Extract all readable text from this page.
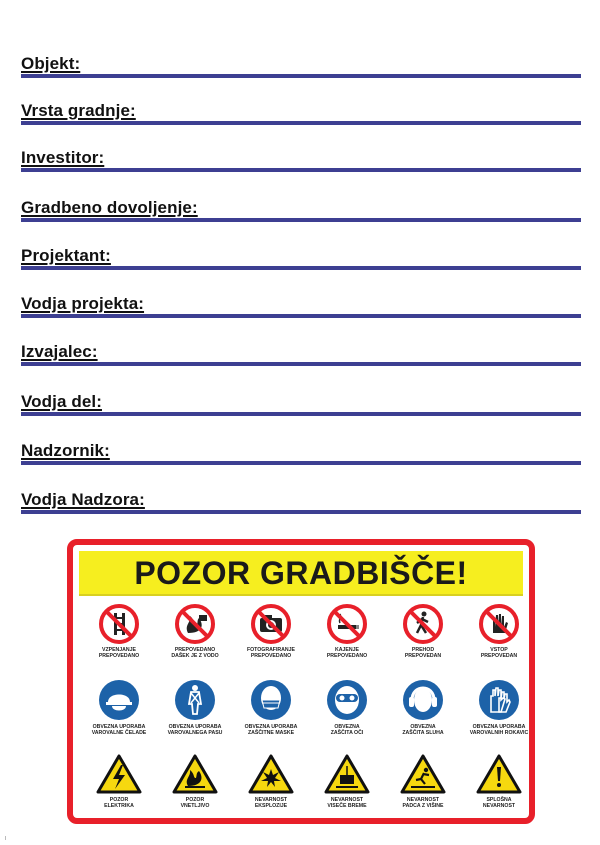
Objekt:
Vrsta gradnje:
Investitor:
Gradbeno dovoljenje:
Projektant:
Vodja projekta:
Izvajalec:
Vodja del:
Nadzornik:
Vodja Nadzora:
POZOR GRADBIŠČE!
VZPENJANJE
PREPOVEDANO
PREPOVEDANO
DAŠEK JE Z VODO
FOTOGRAFIRANJE
PREPOVEDANO
KAJENJE
PREPOVEDANO
PREHOD
PREPOVEDAN
VSTOP
PREPOVEDAN
OBVEZNA UPORABA
VAROVALNE ČELADE
OBVEZNA UPORABA
VAROVALNEGA PASU
OBVEZNA UPORABA
ZAŠČITNE MASKE
OBVEZNA
ZAŠČITA OČI
OBVEZNA
ZAŠČITA SLUHA
OBVEZNA UPORABA
VAROVALNIH ROKAVIC
POZOR
ELEKTRIKA
POZOR
VNETLJIVO
NEVARNOST
EKSPLOZIJE
NEVARNOST
VISEČE BREME
NEVARNOST
PADCA Z VIŠINE
SPLOŠNA
NEVARNOST
